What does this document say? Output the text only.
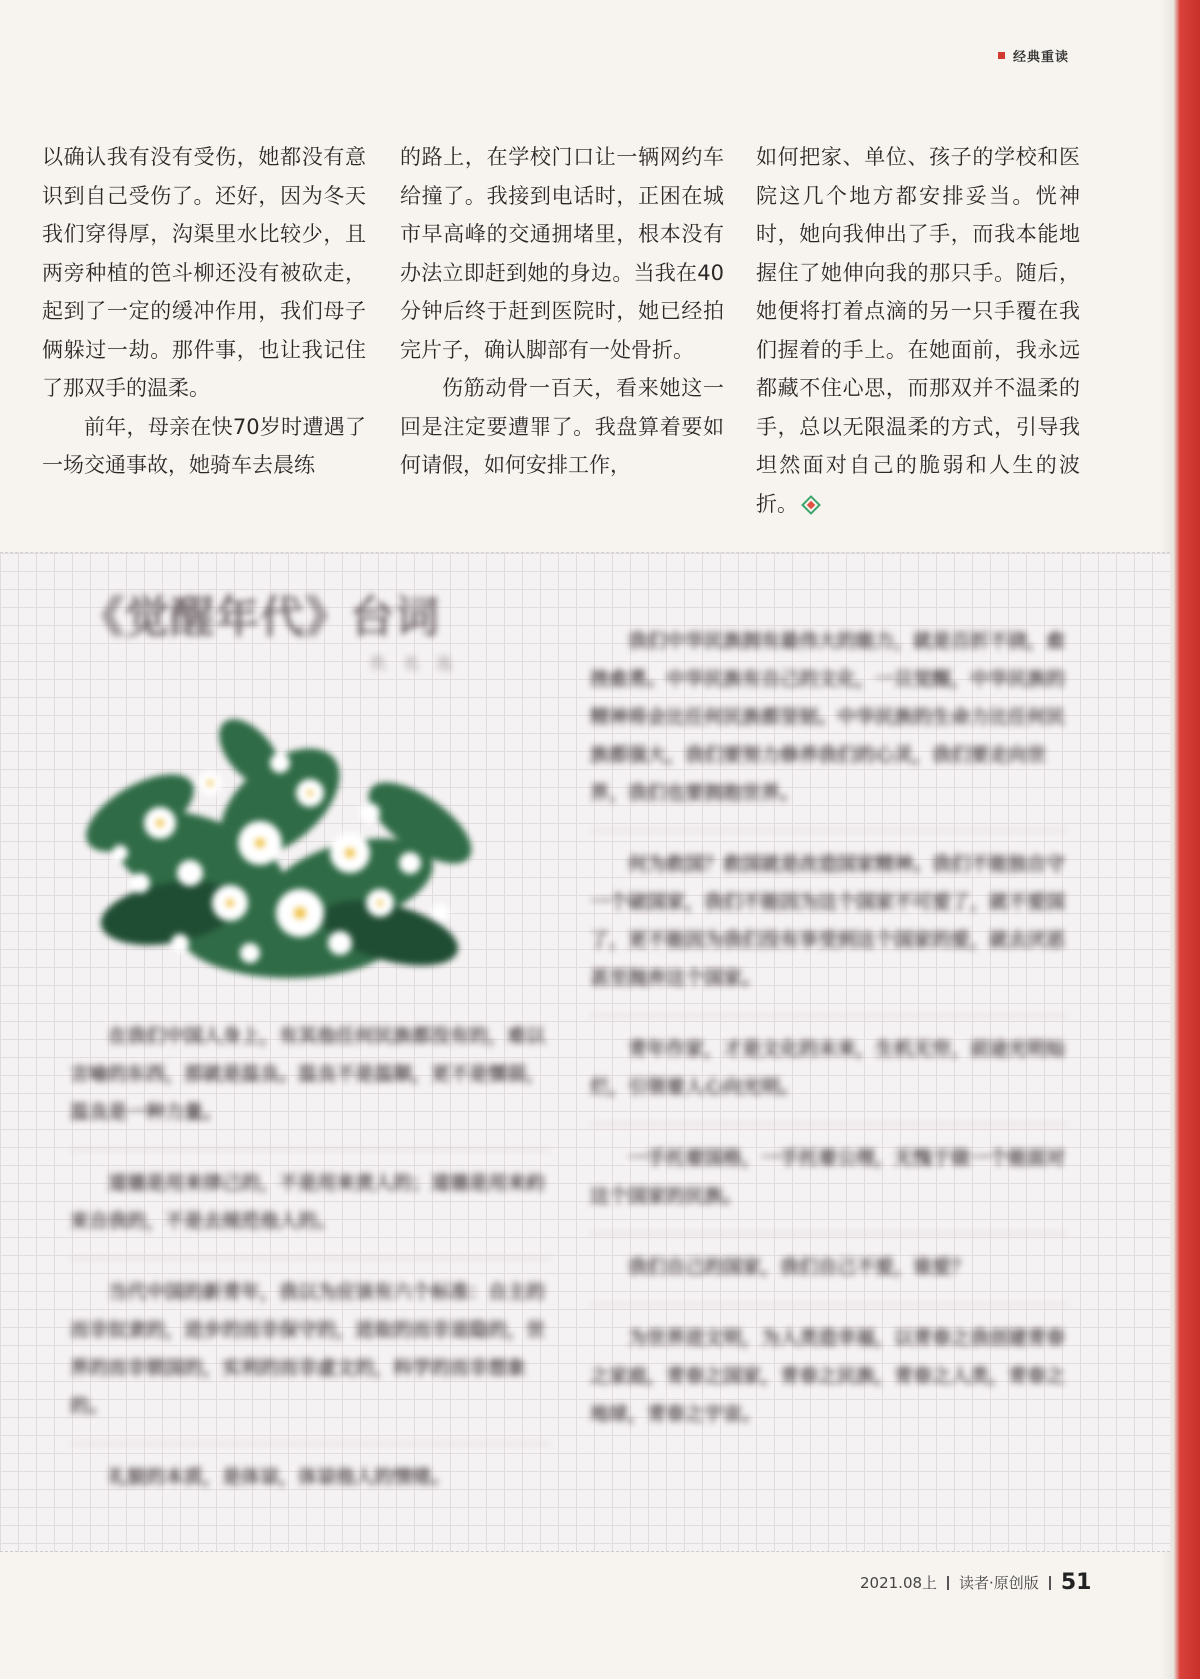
经典重读

以确认我有没有受伤，她都没有意识到自己受伤了。还好，因为冬天我们穿得厚，沟渠里水比较少，且两旁种植的笆斗柳还没有被砍走，起到了一定的缓冲作用，我们母子俩躲过一劫。那件事，也让我记住了那双手的温柔。

前年，母亲在快70岁时遭遇了一场交通事故，她骑车去晨练

的路上，在学校门口让一辆网约车给撞了。我接到电话时，正困在城市早高峰的交通拥堵里，根本没有办法立即赶到她的身边。当我在40分钟后终于赶到医院时，她已经拍完片子，确认脚部有一处骨折。

伤筋动骨一百天，看来她这一回是注定要遭罪了。我盘算着要如何请假，如何安排工作，

如何把家、单位、孩子的学校和医院这几个地方都安排妥当。恍神时，她向我伸出了手，而我本能地握住了她伸向我的那只手。随后，她便将打着点滴的另一只手覆在我们握着的手上。在她面前，我永远都藏不住心思，而那双并不温柔的手，总以无限温柔的方式，引导我坦然面对自己的脆弱和人生的波折。

《觉醒年代》台词
佚 名 选

在我们中国人身上，有其他任何民族都没有的，难以言喻的东西，那就是温良。温良不是温顺，更不是懦弱，温良是一种力量。

道德是用来律己的，不是用来责人的；道德是用来約束自我的，不是去规范他人的。

当代中国的新青年，我以为应该有六个标准：自主的而非奴隶的，进步的而非保守的，进取的而非退隐的，世界的而非锁国的，实利的而非虚文的，科学的而非想象的。

礼貌的本质，是体谅，体谅他人的情绪。

我们中华民族拥有最伟大的能力，就是百折不挠，愈挫愈勇。中华民族有自己的文化，一旦觉醒，中华民族的精神将会比任何民族都坚韧。中华民族的生命力比任何民族都强大，我们要努力修养我们的心灵，我们要走向世界，我们也要拥抱世界。

何为救国？救国就是改造国家精神。我们不能独自守一个破国家，我们不能因为这个国家不可爱了，就不爱国了，更不能因为我们没有享受到这个国家的爱，就去厌恶甚至抛弃这个国家。

青年作家，才是文化的未来，生机无穷，前途光明灿烂，引领着人心向光明。

一手托着国格，一手托着公理，无愧于做一个能面对这个国家的民族。

我们自己的国家，我们自己不爱，谁爱？

为世界进文明，为人类造幸福，以青春之我创建青春之家庭，青春之国家，青春之民族，青春之人类，青春之地球，青春之宇宙。

2021.08上 读者·原创版 51
